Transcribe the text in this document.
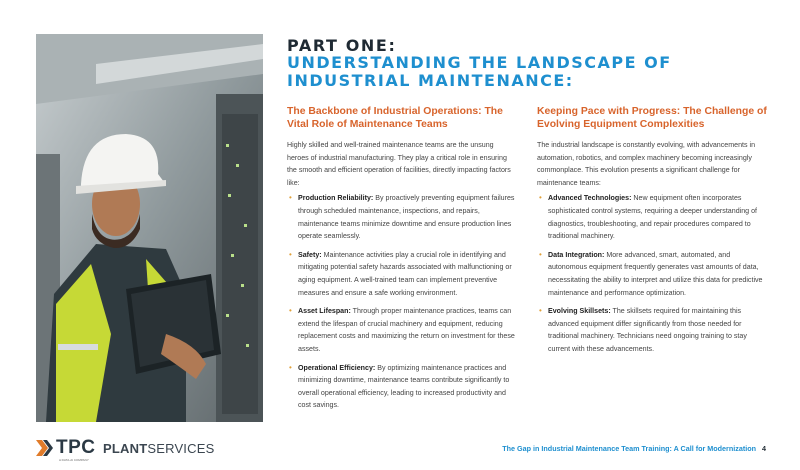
PART ONE:
UNDERSTANDING THE LANDSCAPE OF INDUSTRIAL MAINTENANCE:

The Backbone of Industrial Operations: The Vital Role of Maintenance Teams

Highly skilled and well-trained maintenance teams are the unsung heroes of industrial manufacturing. They play a critical role in ensuring the smooth and efficient operation of facilities, directly impacting factors like:

• Production Reliability: By proactively preventing equipment failures through scheduled maintenance, inspections, and repairs, maintenance teams minimize downtime and ensure production lines operate seamlessly.
• Safety: Maintenance activities play a crucial role in identifying and mitigating potential safety hazards associated with malfunctioning or aging equipment. A well-trained team can implement preventive measures and ensure a safe working environment.
• Asset Lifespan: Through proper maintenance practices, teams can extend the lifespan of crucial machinery and equipment, reducing replacement costs and maximizing the return on investment for these assets.
• Operational Efficiency: By optimizing maintenance practices and minimizing downtime, maintenance teams contribute significantly to overall operational efficiency, leading to increased productivity and cost savings.

Keeping Pace with Progress: The Challenge of Evolving Equipment Complexities

The industrial landscape is constantly evolving, with advancements in automation, robotics, and complex machinery becoming increasingly commonplace. This evolution presents a significant challenge for maintenance teams:

• Advanced Technologies: New equipment often incorporates sophisticated control systems, requiring a deeper understanding of diagnostics, troubleshooting, and repair procedures compared to traditional machinery.
• Data Integration: More advanced, smart, automated, and autonomous equipment frequently generates vast amounts of data, necessitating the ability to interpret and utilize this data for predictive maintenance and performance optimization.
• Evolving Skillsets: The skillsets required for maintaining this advanced equipment differ significantly from those needed for traditional machinery. Technicians need ongoing training to stay current with these advancements.
TPC
A DATA-AI COMPANY
PLANTSERVICES	The Gap in Industrial Maintenance Team Training: A Call for Modernization 4
